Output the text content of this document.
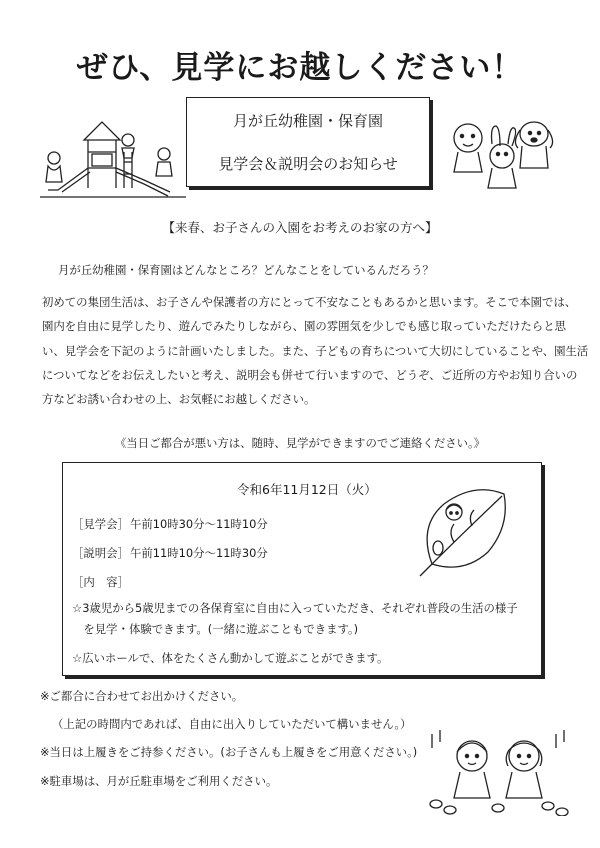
ぜひ、見学にお越しください！
月が丘幼稚園・保育園
見学会＆説明会のお知らせ
【来春、お子さんの入園をお考えのお家の方へ】
月が丘幼稚園・保育園はどんなところ？どんなことをしているんだろう？
初めての集団生活は、お子さんや保護者の方にとって不安なこともあるかと思います。そこで本園では、
園内を自由に見学したり、遊んでみたりしながら、園の雰囲気を少しでも感じ取っていただけたらと思
い、見学会を下記のように計画いたしました。また、子どもの育ちについて大切にしていることや、園生活
についてなどをお伝えしたいと考え、説明会も併せて行いますので、どうぞ、ご近所の方やお知り合いの
方などお誘い合わせの上、お気軽にお越しください。
《当日ご都合が悪い方は、随時、見学ができますのでご連絡ください。》
令和6年11月12日（火）
［見学会］午前10時30分～11時10分
［説明会］午前11時10分～11時30分
［内　容］
☆3歳児から5歳児までの各保育室に自由に入っていただき、それぞれ普段の生活の様子
　を見学・体験できます。(一緒に遊ぶこともできます。)
☆広いホールで、体をたくさん動かして遊ぶことができます。
※ご都合に合わせてお出かけください。
（上記の時間内であれば、自由に出入りしていただいて構いません。）
※当日は上履きをご持参ください。(お子さんも上履きをご用意ください。)
※駐車場は、月が丘駐車場をご利用ください。
